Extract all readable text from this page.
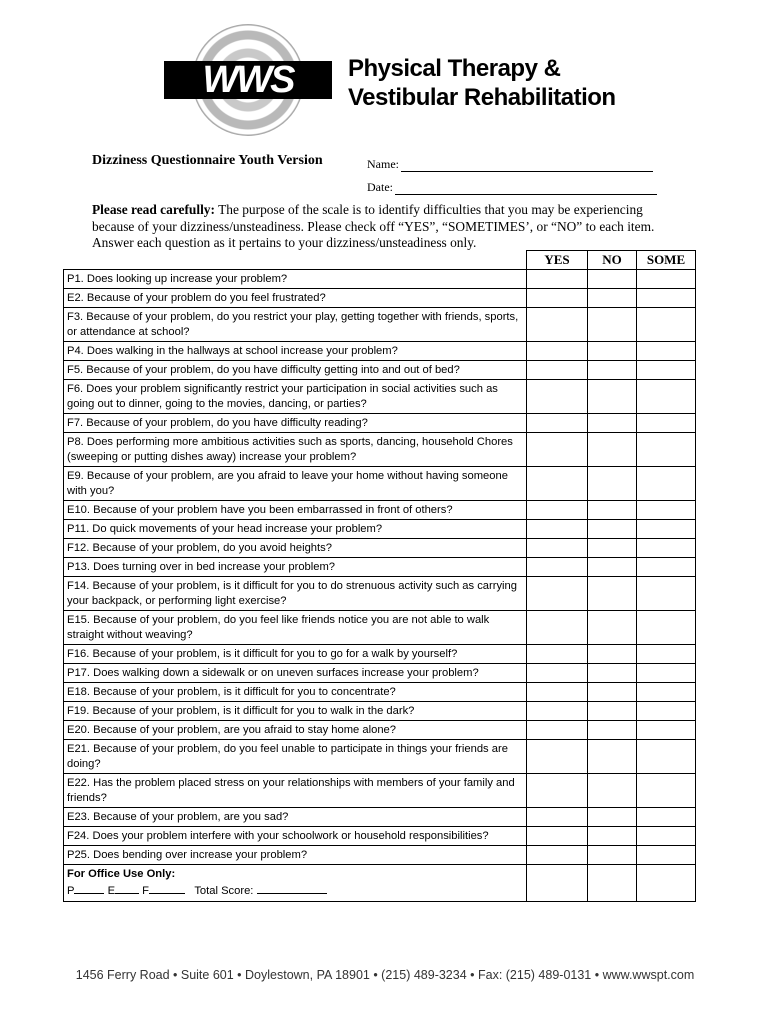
WWS	Physical Therapy &
Vestibular Rehabilitation
Dizziness Questionnaire Youth Version	Name:
Date:
Please read carefully: The purpose of the scale is to identify difficulties that you may be experiencing because of your dizziness/unsteadiness. Please check off “YES”, “SOMETIMES’, or “NO” to each item. Answer each question as it pertains to your dizziness/unsteadiness only.
	YES	NO	SOME
P1. Does looking up increase your problem?			
E2. Because of your problem do you feel frustrated?			
F3. Because of your problem, do you restrict your play, getting together with friends, sports, or attendance at school?			
P4. Does walking in the hallways at school increase your problem?			
F5. Because of your problem, do you have difficulty getting into and out of bed?			
F6. Does your problem significantly restrict your participation in social activities such as going out to dinner, going to the movies, dancing, or parties?			
F7. Because of your problem, do you have difficulty reading?			
P8. Does performing more ambitious activities such as sports, dancing, household Chores (sweeping or putting dishes away) increase your problem?			
E9. Because of your problem, are you afraid to leave your home without having someone with you?			
E10. Because of your problem have you been embarrassed in front of others?			
P11. Do quick movements of your head increase your problem?			
F12. Because of your problem, do you avoid heights?			
P13. Does turning over in bed increase your problem?			
F14. Because of your problem, is it difficult for you to do strenuous activity such as carrying your backpack, or performing light exercise?			
E15. Because of your problem, do you feel like friends notice you are not able to walk straight without weaving?			
F16. Because of your problem, is it difficult for you to go for a walk by yourself?			
P17. Does walking down a sidewalk or on uneven surfaces increase your problem?			
E18. Because of your problem, is it difficult for you to concentrate?			
F19. Because of your problem, is it difficult for you to walk in the dark?			
E20. Because of your problem, are you afraid to stay home alone?			
E21. Because of your problem, do you feel unable to participate in things your friends are doing?			
E22. Has the problem placed stress on your relationships with members of your family and friends?			
E23. Because of your problem, are you sad?			
F24. Does your problem interfere with your schoolwork or household responsibilities?			
P25. Does bending over increase your problem?			

For Office Use Only:
P E F Total Score:			

1456 Ferry Road • Suite 601 • Doylestown, PA 18901 • (215) 489-3234 • Fax: (215) 489-0131 • www.wwspt.com
